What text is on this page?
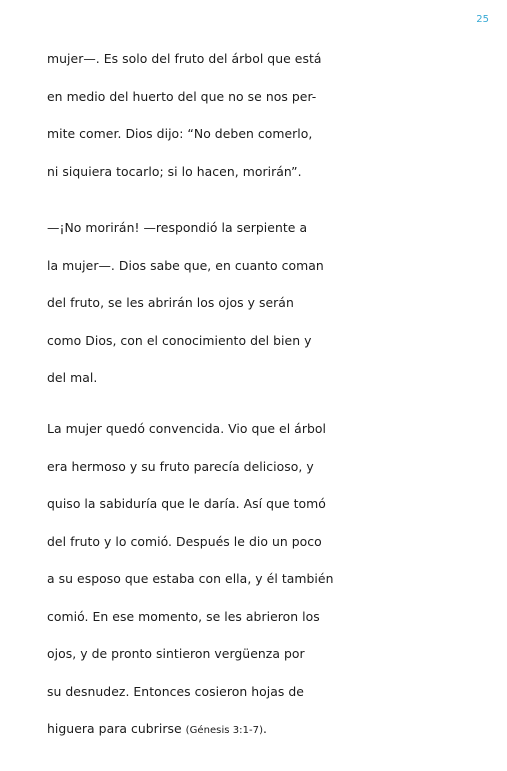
25
mujer—. Es solo del fruto del árbol que está
en medio del huerto del que no se nos per-
mite comer. Dios dijo: “No deben comerlo,
ni siquiera tocarlo; si lo hacen, morirán”.
—¡No morirán! —respondió la serpiente a
la mujer—. Dios sabe que, en cuanto coman
del fruto, se les abrirán los ojos y serán
como Dios, con el conocimiento del bien y
del mal.
La mujer quedó convencida. Vio que el árbol
era hermoso y su fruto parecía delicioso, y
quiso la sabiduría que le daría. Así que tomó
del fruto y lo comió. Después le dio un poco
a su esposo que estaba con ella, y él también
comió. En ese momento, se les abrieron los
ojos, y de pronto sintieron vergüenza por
su desnudez. Entonces cosieron hojas de
higuera para cubrirse (Génesis 3:1-7).
